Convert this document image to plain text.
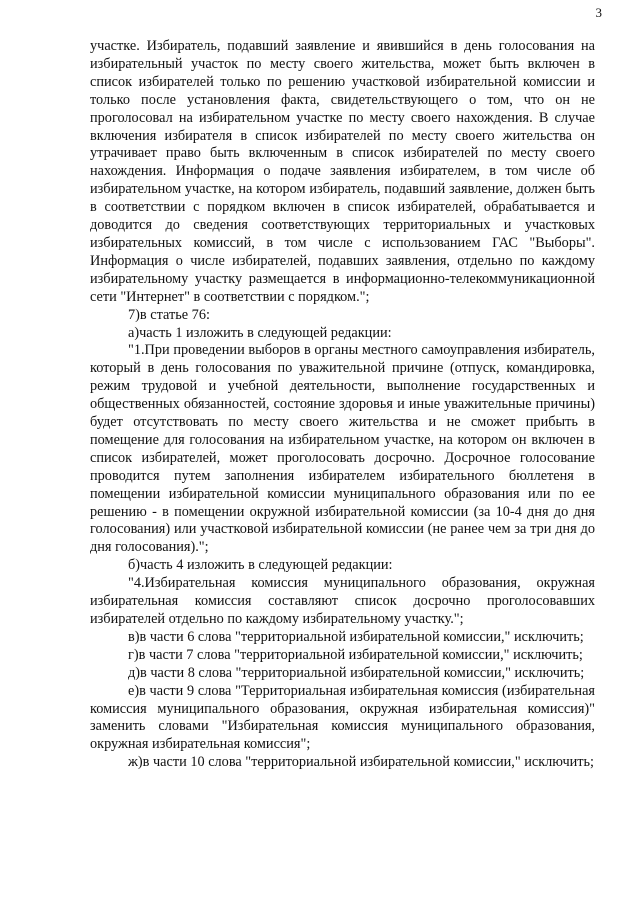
3

участке. Избиратель, подавший заявление и явившийся в день голосования на избирательный участок по месту своего жительства, может быть включен в список избирателей только по решению участковой избирательной комиссии и только после установления факта, свидетельствующего о том, что он не проголосовал на избирательном участке по месту своего нахождения. В случае включения избирателя в список избирателей по месту своего жительства он утрачивает право быть включенным в список избирателей по месту своего нахождения. Информация о подаче заявления избирателем, в том числе об избирательном участке, на котором избиратель, подавший заявление, должен быть в соответствии с порядком включен в список избирателей, обрабатывается и доводится до сведения соответствующих территориальных и участковых избирательных комиссий, в том числе с использованием ГАС "Выборы". Информация о числе избирателей, подавших заявления, отдельно по каждому избирательному участку размещается в информационно-телекоммуникационной сети "Интернет" в соответствии с порядком.";

7)в статье 76:

а)часть 1 изложить в следующей редакции:

"1.При проведении выборов в органы местного самоуправления избиратель, который в день голосования по уважительной причине (отпуск, командировка, режим трудовой и учебной деятельности, выполнение государственных и общественных обязанностей, состояние здоровья и иные уважительные причины) будет отсутствовать по месту своего жительства и не сможет прибыть в помещение для голосования на избирательном участке, на котором он включен в список избирателей, может проголосовать досрочно. Досрочное голосование проводится путем заполнения избирателем избирательного бюллетеня в помещении избирательной комиссии муниципального образования или по ее решению - в помещении окружной избирательной комиссии (за 10-4 дня до дня голосования) или участковой избирательной комиссии (не ранее чем за три дня до дня голосования).";

б)часть 4 изложить в следующей редакции:

"4.Избирательная комиссия муниципального образования, окружная избирательная комиссия составляют список досрочно проголосовавших избирателей отдельно по каждому избирательному участку.";

в)в части 6 слова "территориальной избирательной комиссии," исключить;

г)в части 7 слова "территориальной избирательной комиссии," исключить;

д)в части 8 слова "территориальной избирательной комиссии," исключить;

е)в части 9 слова "Территориальная избирательная комиссия (избирательная комиссия муниципального образования, окружная избирательная комиссия)" заменить словами "Избирательная комиссия муниципального образования, окружная избирательная комиссия";

ж)в части 10 слова "территориальной избирательной комиссии," исключить;
